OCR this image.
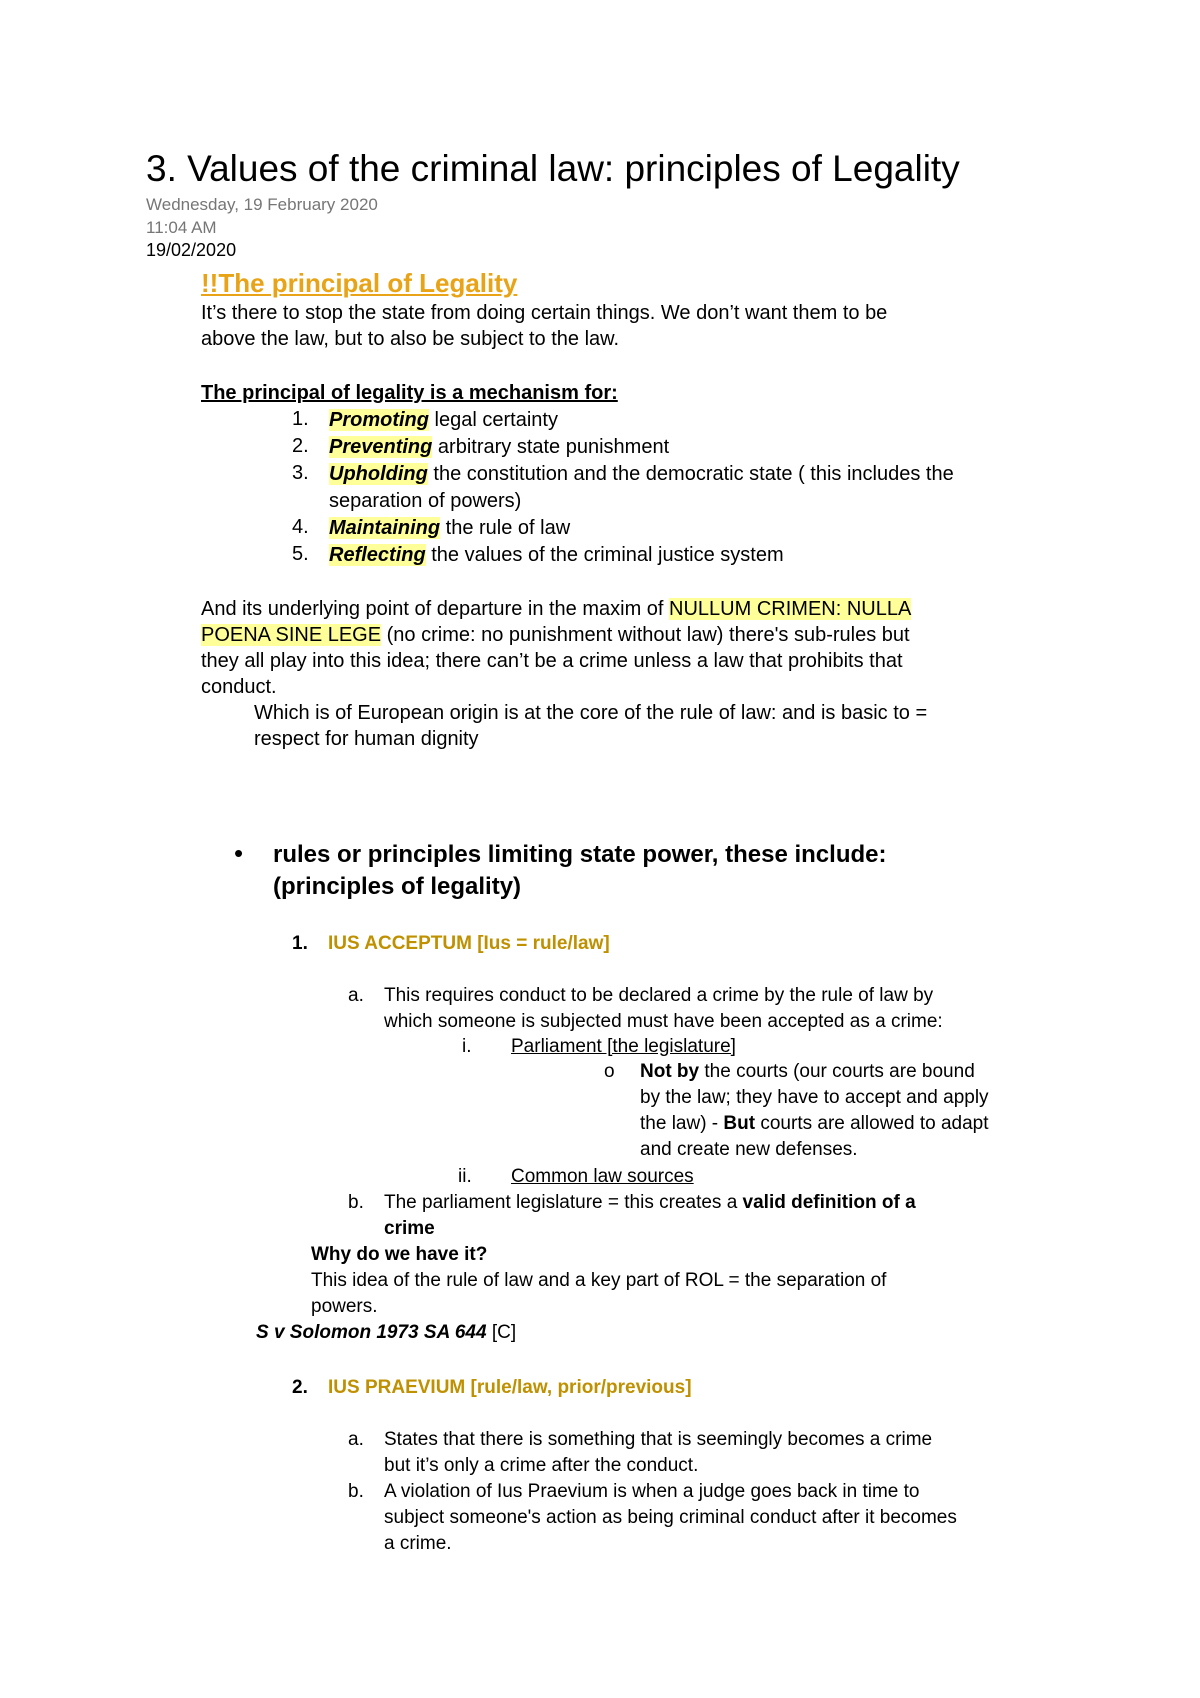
3. Values of the criminal law: principles of Legality
Wednesday, 19 February 2020
11:04 AM
19/02/2020
!!The principal of Legality
It’s there to stop the state from doing certain things. We don’t want them to be
above the law, but to also be subject to the law.
The principal of legality is a mechanism for:
1. Promoting legal certainty
2. Preventing arbitrary state punishment
3. Upholding the constitution and the democratic state ( this includes the
separation of powers)
4. Maintaining the rule of law
5. Reflecting the values of the criminal justice system
And its underlying point of departure in the maxim of NULLUM CRIMEN: NULLA
POENA SINE LEGE (no crime: no punishment without law) there's sub-rules but
they all play into this idea; there can’t be a crime unless a law that prohibits that
conduct.
Which is of European origin is at the core of the rule of law: and is basic to =
respect for human dignity
• rules or principles limiting state power, these include:
(principles of legality)
1. IUS ACCEPTUM [Ius = rule/law]
a. This requires conduct to be declared a crime by the rule of law by
which someone is subjected must have been accepted as a crime:
i. Parliament [the legislature]
o Not by the courts (our courts are bound
by the law; they have to accept and apply
the law) - But courts are allowed to adapt
and create new defenses.
ii. Common law sources
b. The parliament legislature = this creates a valid definition of a
crime
Why do we have it?
This idea of the rule of law and a key part of ROL = the separation of
powers.
S v Solomon 1973 SA 644 [C]
2. IUS PRAEVIUM [rule/law, prior/previous]
a. States that there is something that is seemingly becomes a crime
but it’s only a crime after the conduct.
b. A violation of Ius Praevium is when a judge goes back in time to
subject someone's action as being criminal conduct after it becomes
a crime.
